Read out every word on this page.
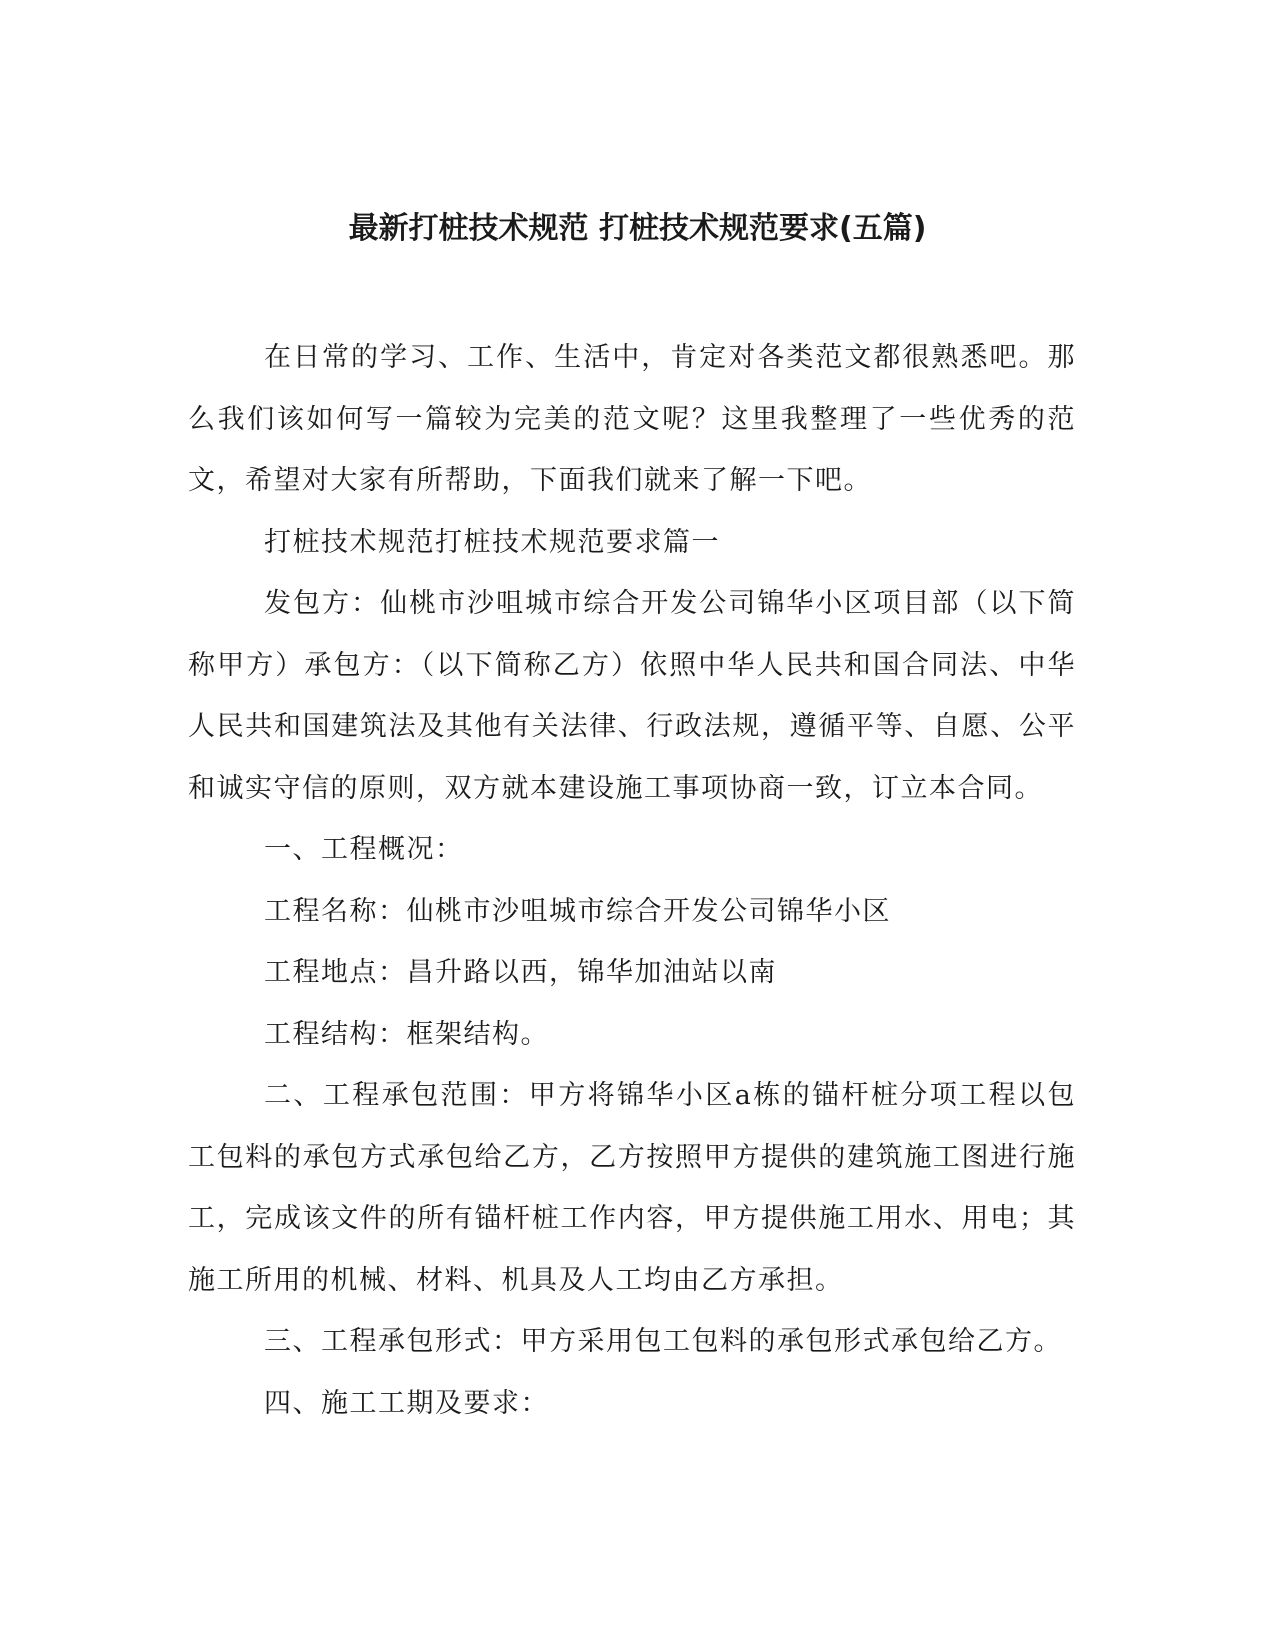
最新打桩技术规范 打桩技术规范要求(五篇)

在日常的学习、工作、生活中，肯定对各类范文都很熟悉吧。那么我们该如何写一篇较为完美的范文呢？这里我整理了一些优秀的范文，希望对大家有所帮助，下面我们就来了解一下吧。

打桩技术规范打桩技术规范要求篇一

发包方：仙桃市沙咀城市综合开发公司锦华小区项目部（以下简称甲方）承包方：（以下简称乙方）依照中华人民共和国合同法、中华人民共和国建筑法及其他有关法律、行政法规，遵循平等、自愿、公平和诚实守信的原则，双方就本建设施工事项协商一致，订立本合同。

一、工程概况：

工程名称：仙桃市沙咀城市综合开发公司锦华小区

工程地点：昌升路以西，锦华加油站以南

工程结构：框架结构。

二、工程承包范围：甲方将锦华小区a栋的锚杆桩分项工程以包工包料的承包方式承包给乙方，乙方按照甲方提供的建筑施工图进行施工，完成该文件的所有锚杆桩工作内容，甲方提供施工用水、用电；其施工所用的机械、材料、机具及人工均由乙方承担。

三、工程承包形式：甲方采用包工包料的承包形式承包给乙方。

四、施工工期及要求：
